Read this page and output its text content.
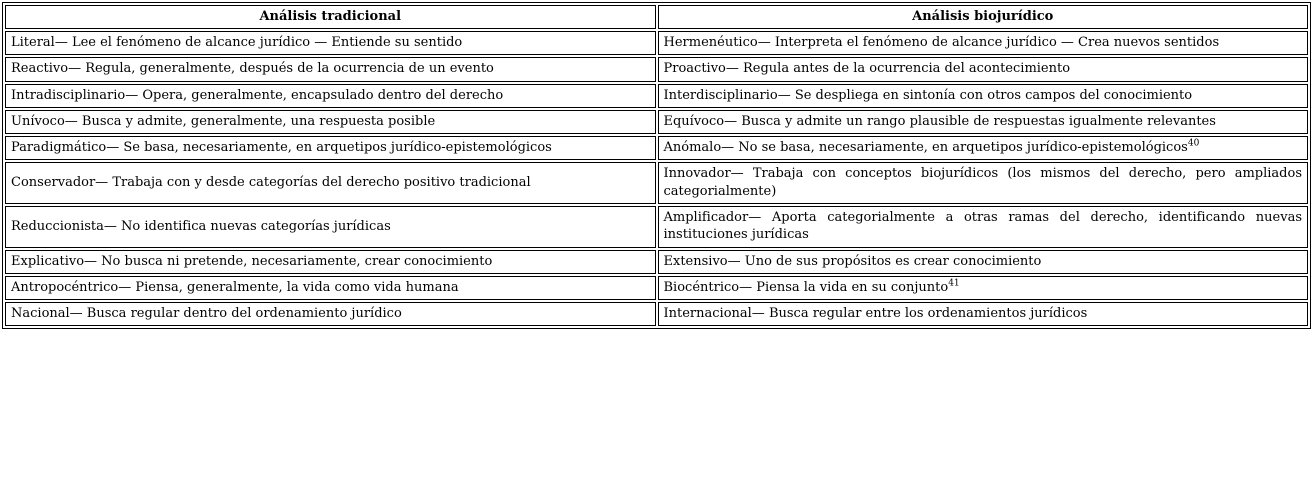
Análisis tradicional	Análisis biojurídico
Literal— Lee el fenómeno de alcance jurídico — Entiende su sentido	Hermenéutico— Interpreta el fenómeno de alcance jurídico — Crea nuevos sentidos
Reactivo— Regula, generalmente, después de la ocurrencia de un evento	Proactivo— Regula antes de la ocurrencia del acontecimiento
Intradisciplinario— Opera, generalmente, encapsulado dentro del derecho	Interdisciplinario— Se despliega en sintonía con otros campos del conocimiento
Unívoco— Busca y admite, generalmente, una respuesta posible	Equívoco— Busca y admite un rango plausible de respuestas igualmente relevantes
Paradigmático— Se basa, necesariamente, en arquetipos jurídico-epistemológicos	Anómalo— No se basa, necesariamente, en arquetipos jurídico-epistemológicos$^{40}$
Conservador— Trabaja con y desde categorías del derecho positivo tradicional	Innovador— Trabaja con conceptos biojurídicos (los mismos del derecho, pero ampliados categorialmente)
Reduccionista— No identifica nuevas categorías jurídicas	Amplificador— Aporta categorialmente a otras ramas del derecho, identificando nuevas instituciones jurídicas
Explicativo— No busca ni pretende, necesariamente, crear conocimiento	Extensivo— Uno de sus propósitos es crear conocimiento
Antropocéntrico— Piensa, generalmente, la vida como vida humana	Biocéntrico— Piensa la vida en su conjunto$^{41}$
Nacional— Busca regular dentro del ordenamiento jurídico	Internacional— Busca regular entre los ordenamientos jurídicos
